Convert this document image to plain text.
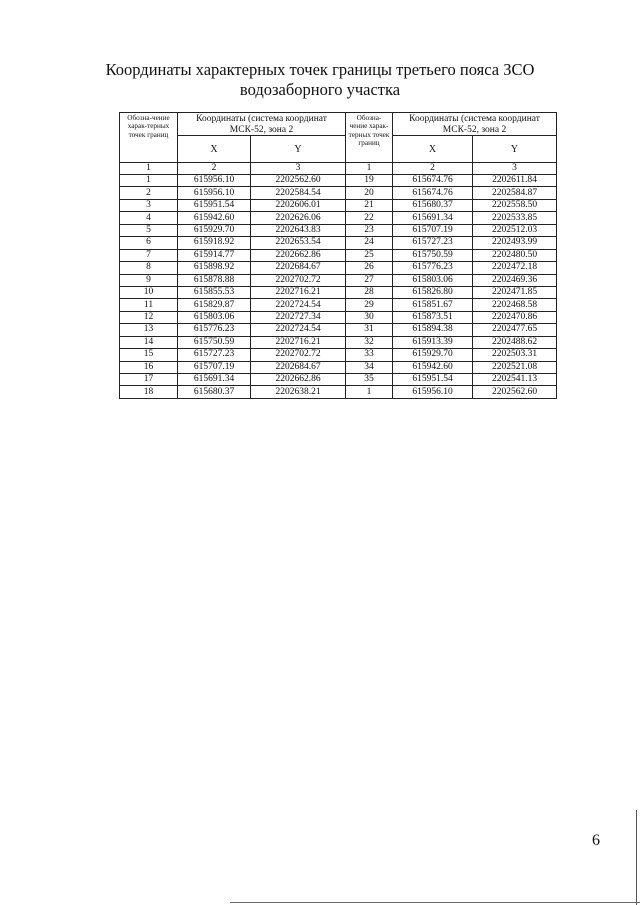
Координаты характерных точек границы третьего пояса ЗСО
водозаборного участка
Обозна-чение харак-терных точек границ	Координаты (система координат МСК-52, зона 2		Обозна-чение харак-терных точек границ	Координаты (система координат МСК-52, зона 2	
	X	Y		X	Y
1	2	3	1	2	3
1	615956.10	2202562.60	19	615674.76	2202611.84
2	615956.10	2202584.54	20	615674.76	2202584.87
3	615951.54	2202606.01	21	615680.37	2202558.50
4	615942.60	2202626.06	22	615691.34	2202533.85
5	615929.70	2202643.83	23	615707.19	2202512.03
6	615918.92	2202653.54	24	615727.23	2202493.99
7	615914.77	2202662.86	25	615750.59	2202480.50
8	615898.92	2202684.67	26	615776.23	2202472.18
9	615878.88	2202702.72	27	615803.06	2202469.36
10	615855.53	2202716.21	28	615826.80	2202471.85
11	615829.87	2202724.54	29	615851.67	2202468.58
12	615803.06	2202727.34	30	615873.51	2202470.86
13	615776.23	2202724.54	31	615894.38	2202477.65
14	615750.59	2202716.21	32	615913.39	2202488.62
15	615727.23	2202702.72	33	615929.70	2202503.31
16	615707.19	2202684.67	34	615942.60	2202521.08
17	615691.34	2202662.86	35	615951.54	2202541.13
18	615680.37	2202638.21	1	615956.10	2202562.60
6
